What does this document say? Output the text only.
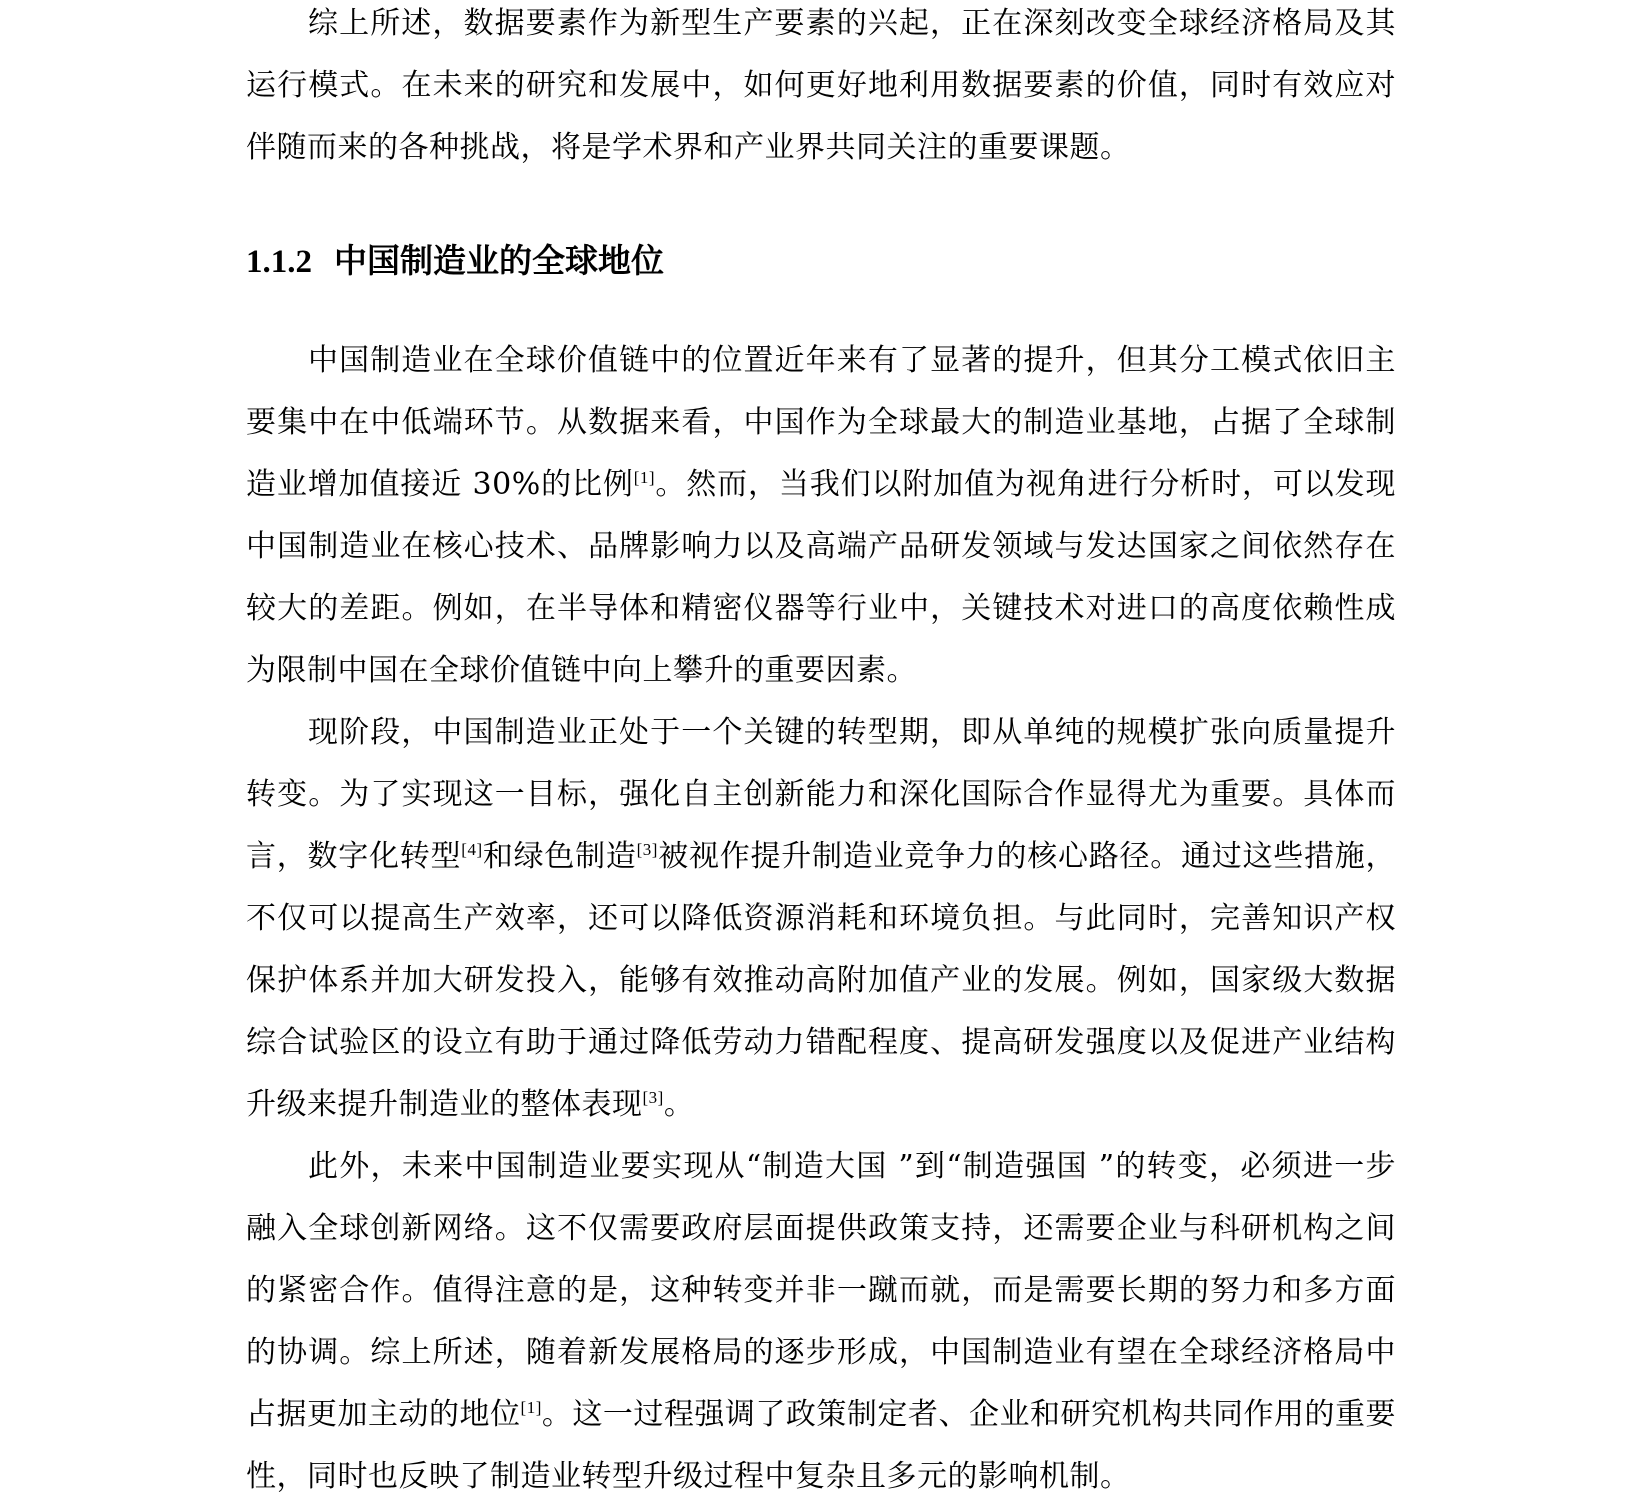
综上所述，数据要素作为新型生产要素的兴起，正在深刻改变全球经济格局及其运行模式。在未来的研究和发展中，如何更好地利用数据要素的价值，同时有效应对伴随而来的各种挑战，将是学术界和产业界共同关注的重要课题。

1.1.2 中国制造业的全球地位

中国制造业在全球价值链中的位置近年来有了显著的提升，但其分工模式依旧主要集中在中低端环节。从数据来看，中国作为全球最大的制造业基地，占据了全球制造业增加值接近 30%的比例[1]。然而，当我们以附加值为视角进行分析时，可以发现中国制造业在核心技术、品牌影响力以及高端产品研发领域与发达国家之间依然存在较大的差距。例如，在半导体和精密仪器等行业中，关键技术对进口的高度依赖性成为限制中国在全球价值链中向上攀升的重要因素。

现阶段，中国制造业正处于一个关键的转型期，即从单纯的规模扩张向质量提升转变。为了实现这一目标，强化自主创新能力和深化国际合作显得尤为重要。具体而言，数字化转型[4]和绿色制造[3]被视作提升制造业竞争力的核心路径。通过这些措施，不仅可以提高生产效率，还可以降低资源消耗和环境负担。与此同时，完善知识产权保护体系并加大研发投入，能够有效推动高附加值产业的发展。例如，国家级大数据综合试验区的设立有助于通过降低劳动力错配程度、提高研发强度以及促进产业结构升级来提升制造业的整体表现[3]。

此外，未来中国制造业要实现从“制造大国 ”到“制造强国 ”的转变，必须进一步融入全球创新网络。这不仅需要政府层面提供政策支持，还需要企业与科研机构之间的紧密合作。值得注意的是，这种转变并非一蹴而就，而是需要长期的努力和多方面的协调。综上所述，随着新发展格局的逐步形成，中国制造业有望在全球经济格局中占据更加主动的地位[1]。这一过程强调了政策制定者、企业和研究机构共同作用的重要性，同时也反映了制造业转型升级过程中复杂且多元的影响机制。
